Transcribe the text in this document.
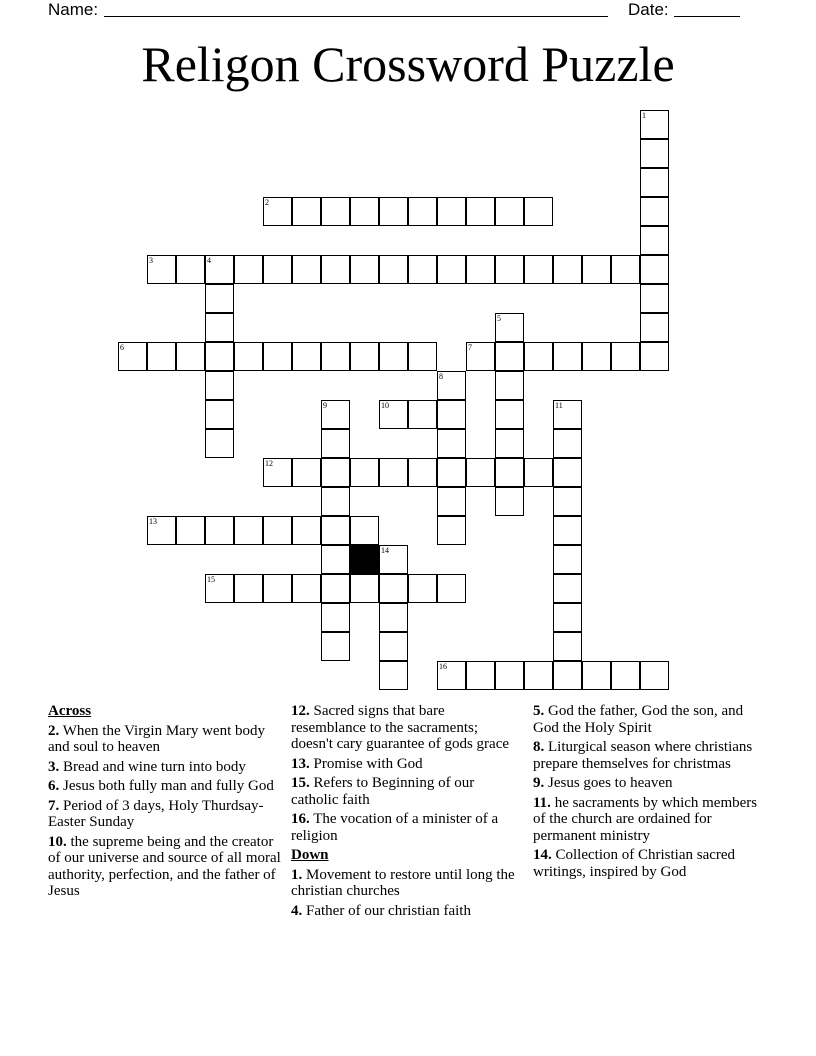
Name:	Date:
Religon Crossword Puzzle
1
2
3	4
5
6	7
8
9	10	11
12
13
14
15
16
Across
2. When the Virgin Mary went body and soul to heaven
3. Bread and wine turn into body
6. Jesus both fully man and fully God
7. Period of 3 days, Holy Thurdsay-Easter Sunday
10. the supreme being and the creator of our universe and source of all moral authority, perfection, and the father of Jesus
12. Sacred signs that bare resemblance to the sacraments; doesn't cary guarantee of gods grace
13. Promise with God
15. Refers to Beginning of our catholic faith
16. The vocation of a minister of a religion
Down
1. Movement to restore until long the christian churches
4. Father of our christian faith
5. God the father, God the son, and God the Holy Spirit
8. Liturgical season where christians prepare themselves for christmas
9. Jesus goes to heaven
11. he sacraments by which members of the church are ordained for permanent ministry
14. Collection of Christian sacred writings, inspired by God
